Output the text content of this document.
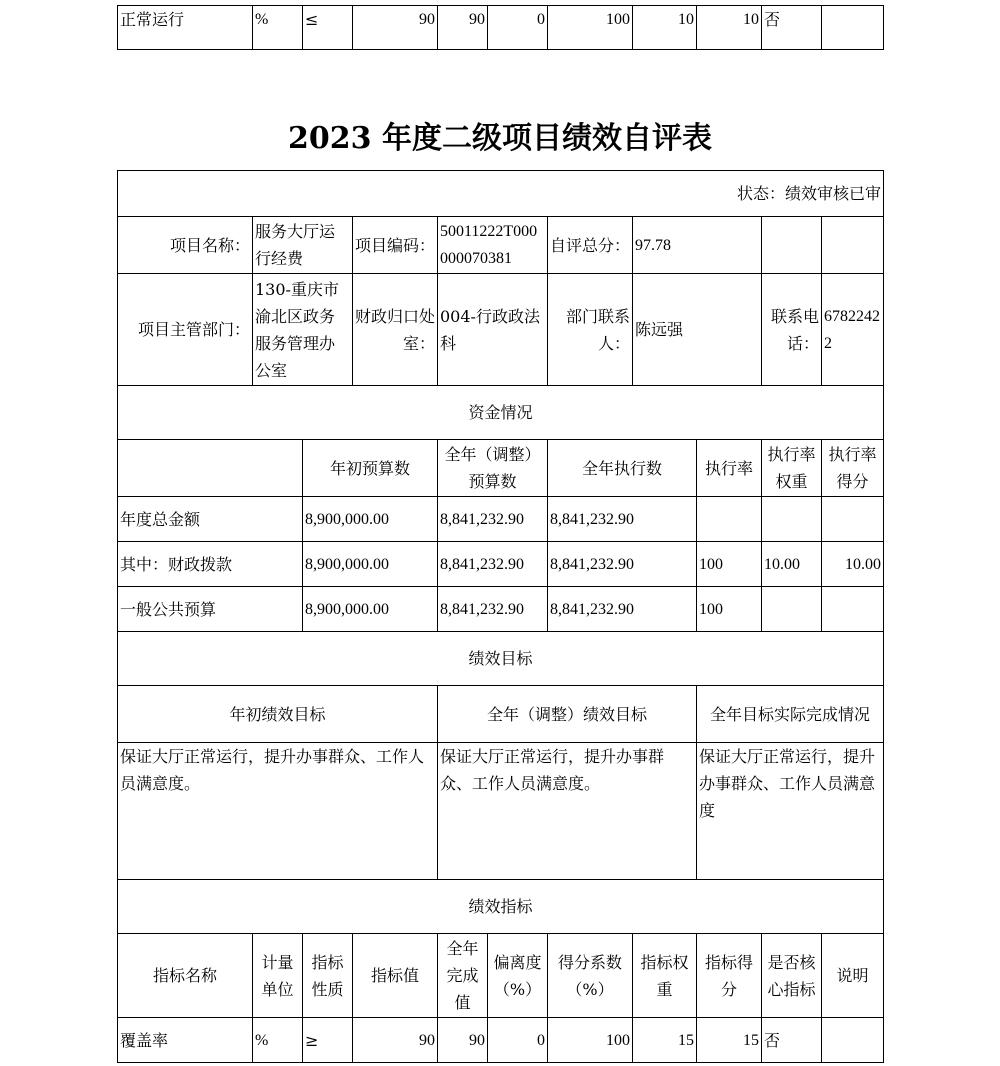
正常运行	%	≤	90	90	0	100	10	10	否	
2023 年度二级项目绩效自评表
状态：绩效审核已审										
项目名称：	服务大厅运行经费		项目编码：	50011222T000000070381		自评总分：	97.78			
项目主管部门：	130-重庆市渝北区政务服务管理办公室		财政归口处室：	004-行政政法科		部门联系人：	陈远强		联系电话：	67822422
资金情况										
		年初预算数		全年（调整）预算数		全年执行数		执行率	执行率权重	执行率得分
年度总金额		8,900,000.00		8,841,232.90		8,841,232.90				
其中：财政拨款		8,900,000.00		8,841,232.90		8,841,232.90		100	10.00	10.00
一般公共预算		8,900,000.00		8,841,232.90		8,841,232.90		100		
绩效目标										
年初绩效目标				全年（调整）绩效目标				全年目标实际完成情况		
保证大厅正常运行，提升办事群众、工作人员满意度。				保证大厅正常运行，提升办事群众、工作人员满意度。				保证大厅正常运行，提升办事群众、工作人员满意度		
绩效指标										
指标名称	计量单位	指标性质	指标值	全年完成值	偏离度（%）	得分系数（%）	指标权重	指标得分	是否核心指标	说明
覆盖率	%	≥	90	90	0	100	15	15	否	
